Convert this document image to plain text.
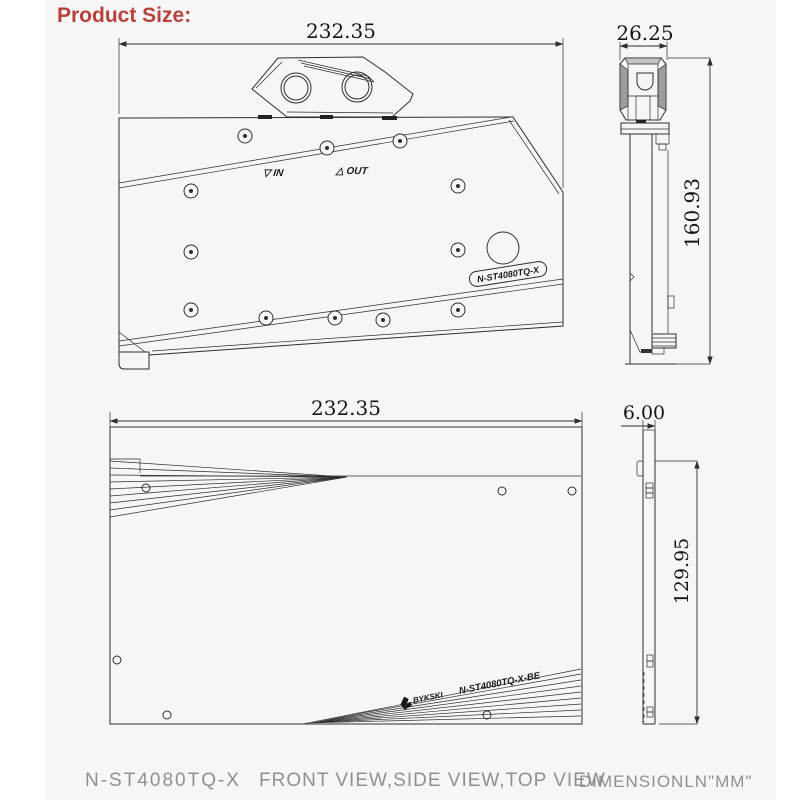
Product Size:
232.35
▽ IN	△ OUT
N-ST4080TQ-X
26.25
160.93
232.35
BYKSKI
N-ST4080TQ-X-BE
6.00
129.95
N-ST4080TQ-X FRONT VIEW,SIDE VIEW,TOP VIEW
DIMENSIONLN"MM"
